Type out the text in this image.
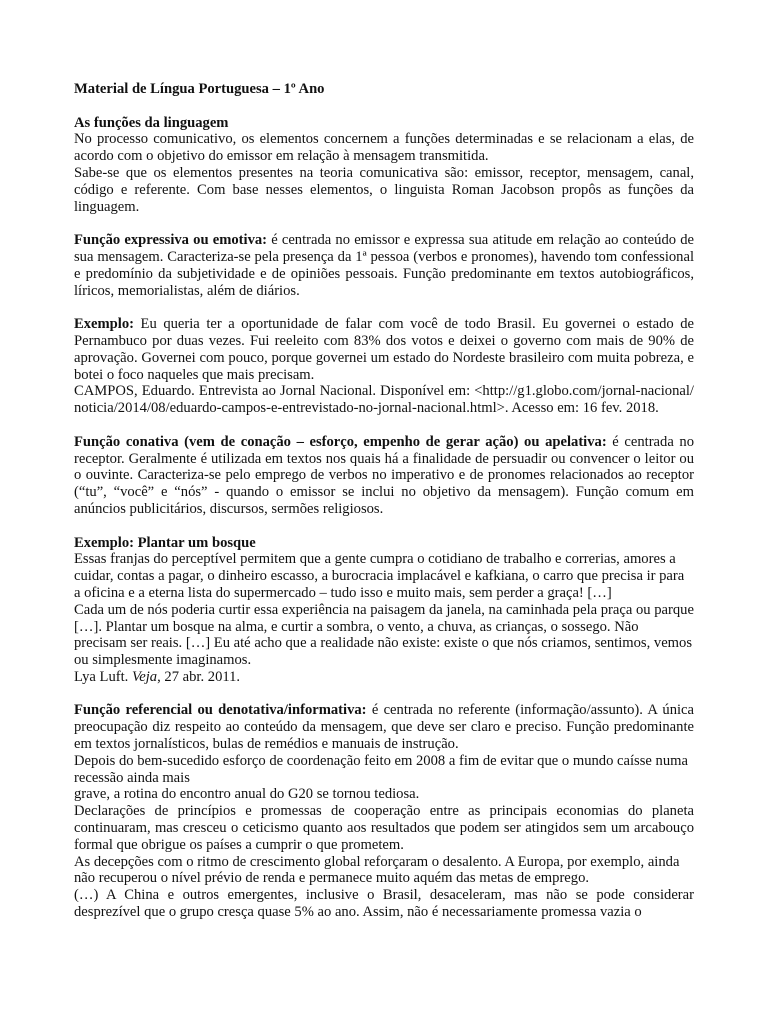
Material de Língua Portuguesa – 1º Ano

As funções da linguagem

No processo comunicativo, os elementos concernem a funções determinadas e se relacionam a elas, de acordo com o objetivo do emissor em relação à mensagem transmitida.

Sabe-se que os elementos presentes na teoria comunicativa são: emissor, receptor, mensagem, canal, código e referente. Com base nesses elementos, o linguista Roman Jacobson propôs as funções da linguagem.

Função expressiva ou emotiva: é centrada no emissor e expressa sua atitude em relação ao conteúdo de sua mensagem. Caracteriza-se pela presença da 1ª pessoa (verbos e pronomes), havendo tom confessional e predomínio da subjetividade e de opiniões pessoais. Função predominante em textos autobiográficos, líricos, memorialistas, além de diários.

Exemplo: Eu queria ter a oportunidade de falar com você de todo Brasil. Eu governei o estado de Pernambuco por duas vezes. Fui reeleito com 83% dos votos e deixei o governo com mais de 90% de aprovação. Governei com pouco, porque governei um estado do Nordeste brasileiro com muita pobreza, e botei o foco naqueles que mais precisam.

CAMPOS, Eduardo. Entrevista ao Jornal Nacional. Disponível em: <http://g1.globo.com/jornal-nacional/ noticia/2014/08/eduardo-campos-e-entrevistado-no-jornal-nacional.html>. Acesso em: 16 fev. 2018.

Função conativa (vem de conação – esforço, empenho de gerar ação) ou apelativa: é centrada no receptor. Geralmente é utilizada em textos nos quais há a finalidade de persuadir ou convencer o leitor ou o ouvinte. Caracteriza-se pelo emprego de verbos no imperativo e de pronomes relacionados ao receptor (“tu”, “você” e “nós” - quando o emissor se inclui no objetivo da mensagem). Função comum em anúncios publicitários, discursos, sermões religiosos.

Exemplo: Plantar um bosque

Essas franjas do perceptível permitem que a gente cumpra o cotidiano de trabalho e correrias, amores a cuidar, contas a pagar, o dinheiro escasso, a burocracia implacável e kafkiana, o carro que precisa ir para a oficina e a eterna lista do supermercado – tudo isso e muito mais, sem perder a graça! […]

Cada um de nós poderia curtir essa experiência na paisagem da janela, na caminhada pela praça ou parque […]. Plantar um bosque na alma, e curtir a sombra, o vento, a chuva, as crianças, o sossego. Não precisam ser reais. […] Eu até acho que a realidade não existe: existe o que nós criamos, sentimos, vemos ou simplesmente imaginamos.

Lya Luft. Veja, 27 abr. 2011.

Função referencial ou denotativa/informativa: é centrada no referente (informação/assunto). A única preocupação diz respeito ao conteúdo da mensagem, que deve ser claro e preciso. Função predominante em textos jornalísticos, bulas de remédios e manuais de instrução.

Depois do bem-sucedido esforço de coordenação feito em 2008 a fim de evitar que o mundo caísse numa recessão ainda mais

grave, a rotina do encontro anual do G20 se tornou tediosa.

Declarações de princípios e promessas de cooperação entre as principais economias do planeta continuaram, mas cresceu o ceticismo quanto aos resultados que podem ser atingidos sem um arcabouço formal que obrigue os países a cumprir o que prometem.

As decepções com o ritmo de crescimento global reforçaram o desalento. A Europa, por exemplo, ainda não recuperou o nível prévio de renda e permanece muito aquém das metas de emprego.

(…) A China e outros emergentes, inclusive o Brasil, desaceleram, mas não se pode considerar desprezível que o grupo cresça quase 5% ao ano. Assim, não é necessariamente promessa vazia o
